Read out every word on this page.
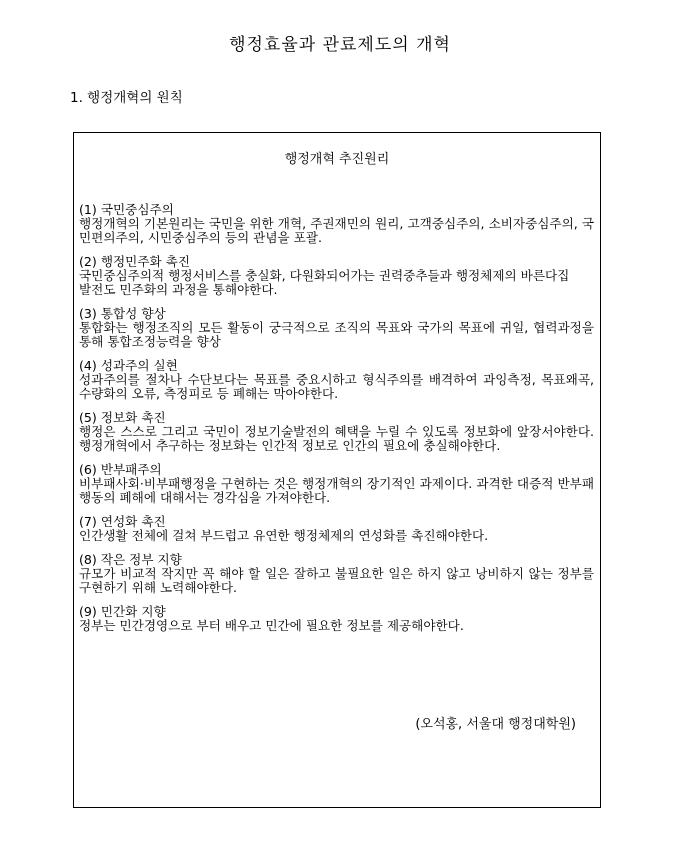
행정효율과 관료제도의 개혁
1. 행정개혁의 원칙
행정개혁 추진원리
(1) 국민중심주의
행정개혁의 기본원리는 국민을 위한 개혁, 주권재민의 원리, 고객중심주의, 소비자중심주의, 국민편의주의, 시민중심주의 등의 관념을 포괄.
(2) 행정민주화 촉진
국민중심주의적 행정서비스를 충실화, 다원화되어가는 권력중추들과 행정체제의 바른다집
발전도 민주화의 과정을 통해야한다.
(3) 통합성 향상
통합화는 행정조직의 모든 활동이 궁극적으로 조직의 목표와 국가의 목표에 귀일, 협력과정을 통해 통합조정능력을 향상
(4) 성과주의 실현
성과주의를 절차나 수단보다는 목표를 중요시하고 형식주의를 배격하여 과잉측정, 목표왜곡, 수량화의 오류, 측정피로 등 폐해는 막아야한다.
(5) 정보화 촉진
행정은 스스로 그리고 국민이 정보기술발전의 혜택을 누릴 수 있도록 정보화에 앞장서야한다. 행정개혁에서 추구하는 정보화는 인간적 정보로 인간의 필요에 충실해야한다.
(6) 반부패주의
비부패사회·비부패행정을 구현하는 것은 행정개혁의 장기적인 과제이다. 과격한 대증적 반부패행동의 폐해에 대해서는 경각심을 가져야한다.
(7) 연성화 촉진
인간생활 전체에 걸쳐 부드럽고 유연한 행정체제의 연성화를 촉진해야한다.
(8) 작은 정부 지향
규모가 비교적 작지만 꼭 해야 할 일은 잘하고 불필요한 일은 하지 않고 낭비하지 않는 정부를 구현하기 위해 노력해야한다.
(9) 민간화 지향
정부는 민간경영으로 부터 배우고 민간에 필요한 정보를 제공해야한다.
(오석홍, 서울대 행정대학원)
